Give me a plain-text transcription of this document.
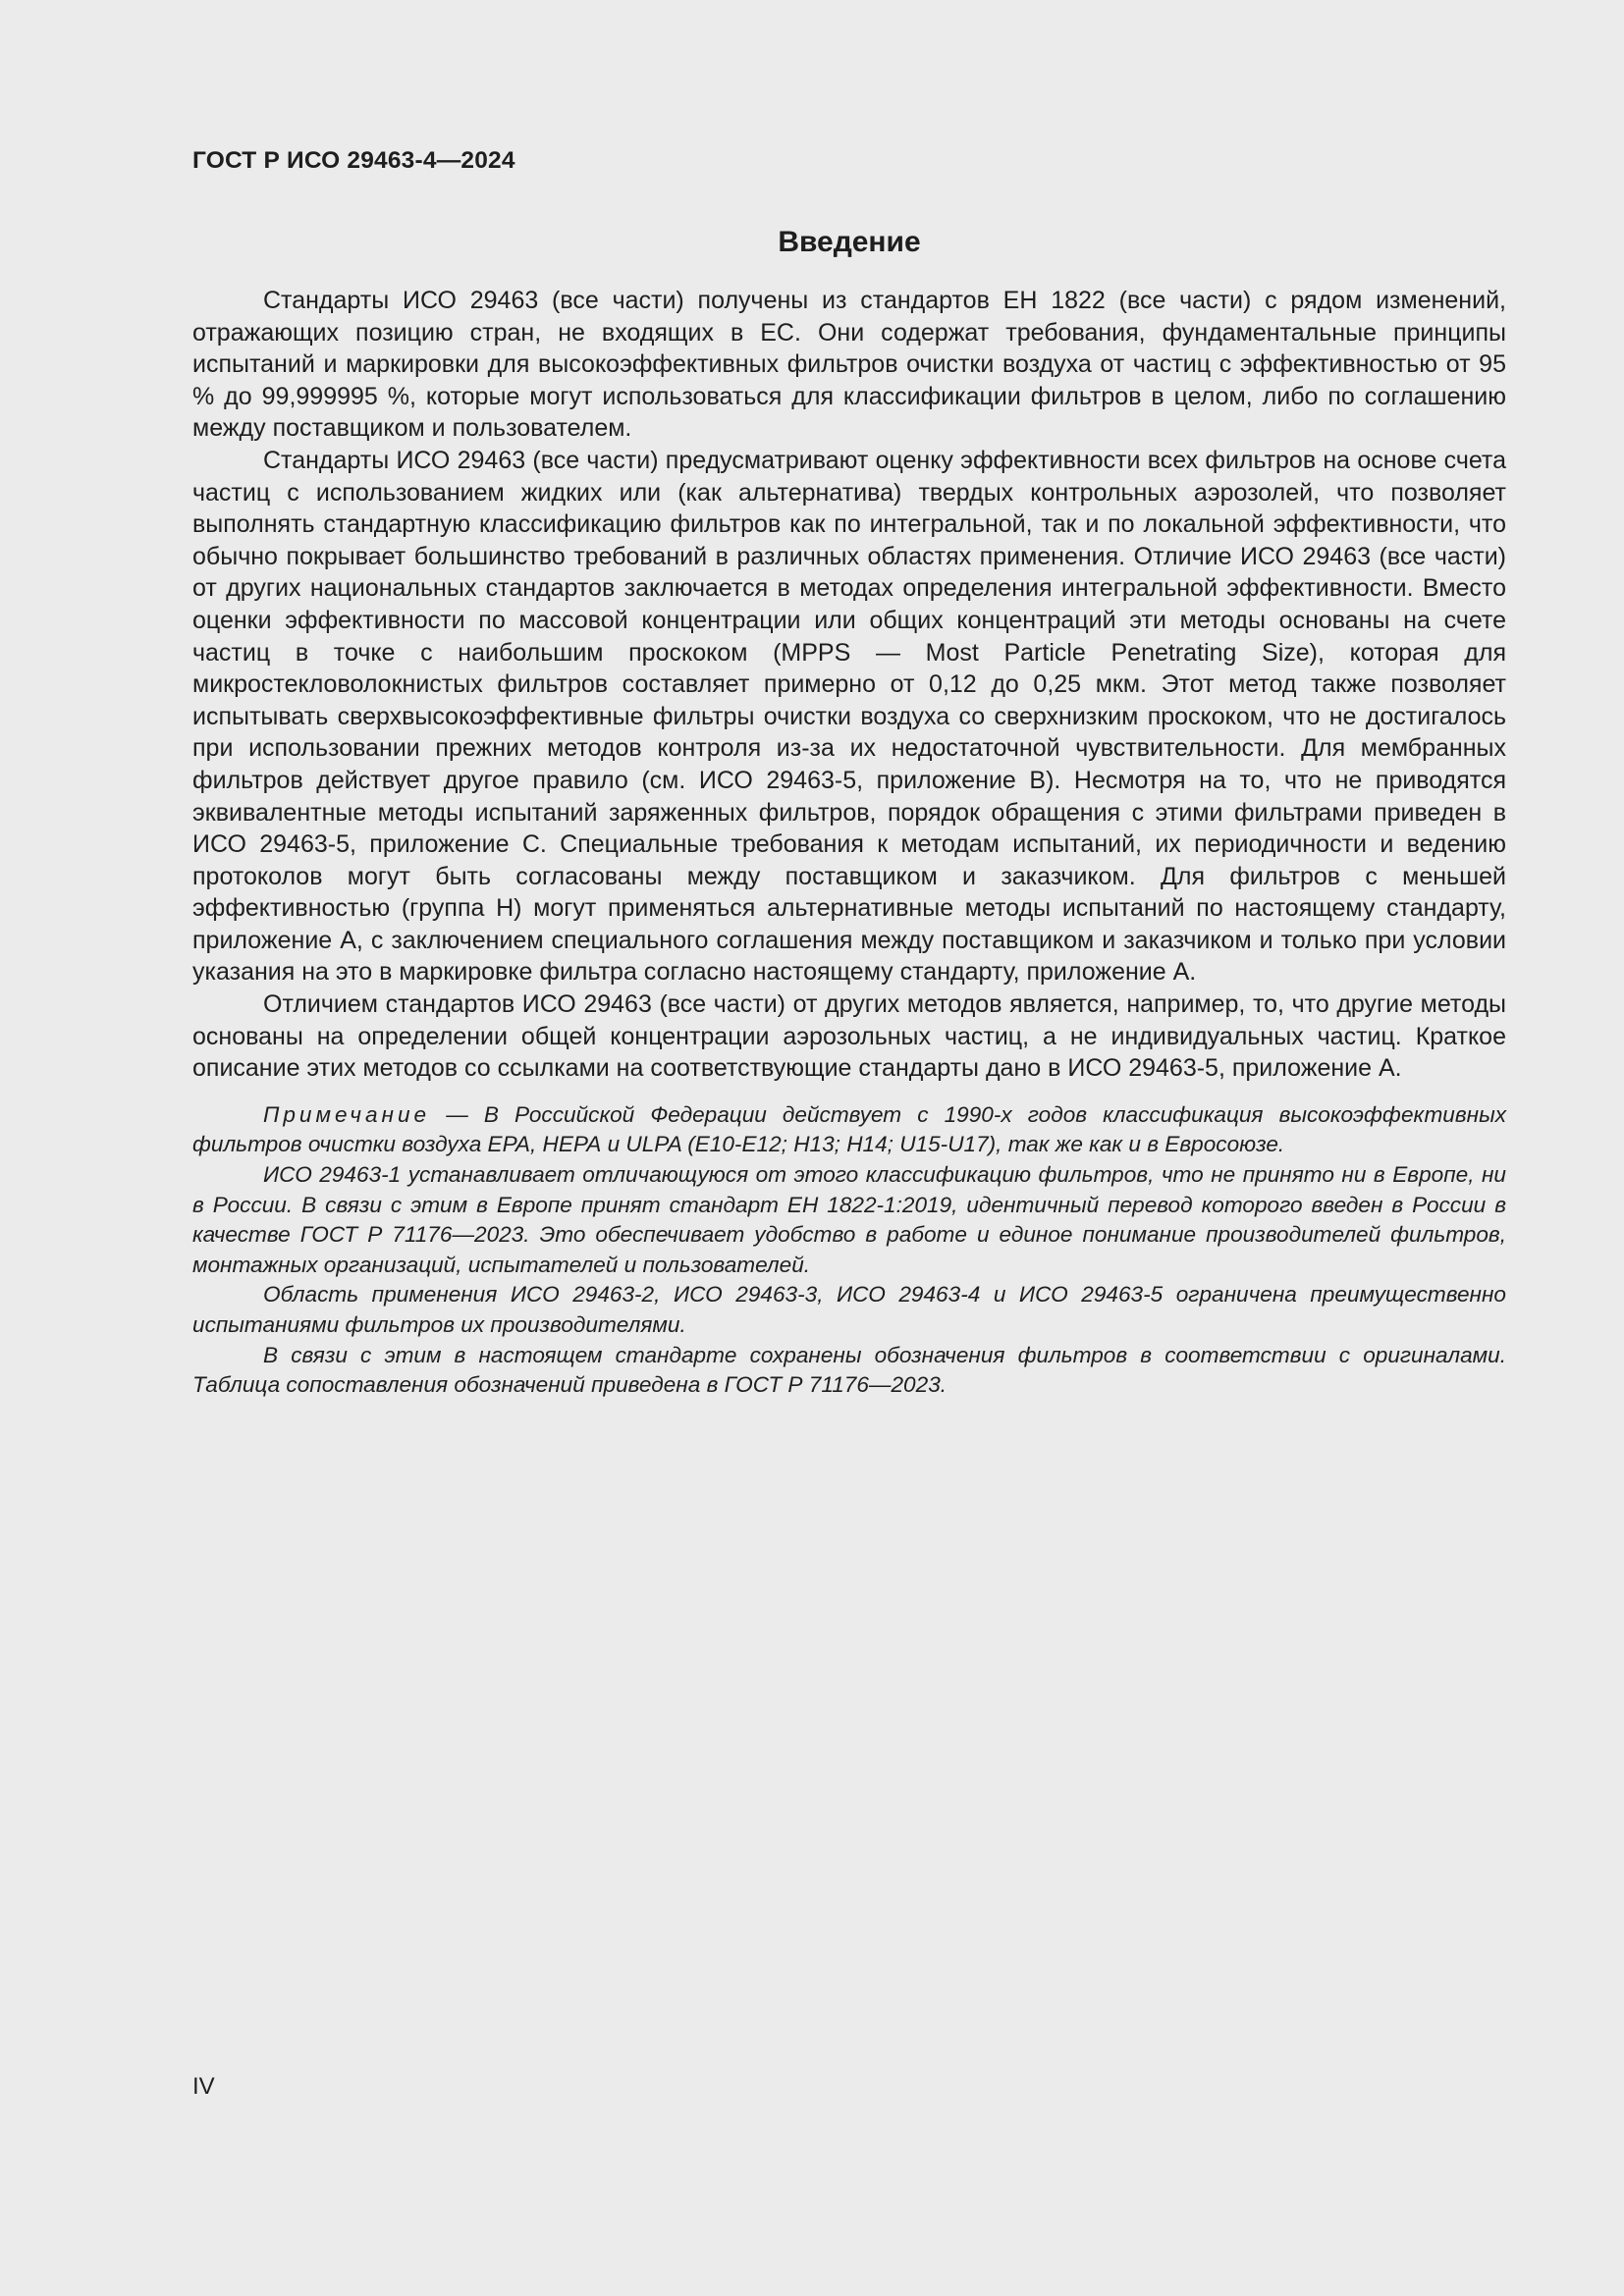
ГОСТ Р ИСО 29463-4—2024
Введение

Стандарты ИСО 29463 (все части) получены из стандартов ЕН 1822 (все части) с рядом изменений, отражающих позицию стран, не входящих в ЕС. Они содержат требования, фундаментальные принципы испытаний и маркировки для высокоэффективных фильтров очистки воздуха от частиц с эффективностью от 95 % до 99,999995 %, которые могут использоваться для классификации фильтров в целом, либо по соглашению между поставщиком и пользователем.

Стандарты ИСО 29463 (все части) предусматривают оценку эффективности всех фильтров на основе счета частиц с использованием жидких или (как альтернатива) твердых контрольных аэрозолей, что позволяет выполнять стандартную классификацию фильтров как по интегральной, так и по локальной эффективности, что обычно покрывает большинство требований в различных областях применения. Отличие ИСО 29463 (все части) от других национальных стандартов заключается в методах определения интегральной эффективности. Вместо оценки эффективности по массовой концентрации или общих концентраций эти методы основаны на счете частиц в точке с наибольшим проскоком (MPPS — Most Particle Penetrating Size), которая для микростекловолокнистых фильтров составляет примерно от 0,12 до 0,25 мкм. Этот метод также позволяет испытывать сверхвысокоэффективные фильтры очистки воздуха со сверхнизким проскоком, что не достигалось при использовании прежних методов контроля из-за их недостаточной чувствительности. Для мембранных фильтров действует другое правило (см. ИСО 29463-5, приложение В). Несмотря на то, что не приводятся эквивалентные методы испытаний заряженных фильтров, порядок обращения с этими фильтрами приведен в ИСО 29463-5, приложение С. Специальные требования к методам испытаний, их периодичности и ведению протоколов могут быть согласованы между поставщиком и заказчиком. Для фильтров с меньшей эффективностью (группа Н) могут применяться альтернативные методы испытаний по настоящему стандарту, приложение А, с заключением специального соглашения между поставщиком и заказчиком и только при условии указания на это в маркировке фильтра согласно настоящему стандарту, приложение А.

Отличием стандартов ИСО 29463 (все части) от других методов является, например, то, что другие методы основаны на определении общей концентрации аэрозольных частиц, а не индивидуальных частиц. Краткое описание этих методов со ссылками на соответствующие стандарты дано в ИСО 29463-5, приложение А.

Примечание — В Российской Федерации действует с 1990-х годов классификация высокоэффективных фильтров очистки воздуха ЕРА, НЕРА и ULPA (Е10-Е12; Н13; Н14; U15-U17), так же как и в Евросоюзе.

ИСО 29463-1 устанавливает отличающуюся от этого классификацию фильтров, что не принято ни в Европе, ни в России. В связи с этим в Европе принят стандарт ЕН 1822-1:2019, идентичный перевод которого введен в России в качестве ГОСТ Р 71176—2023. Это обеспечивает удобство в работе и единое понимание производителей фильтров, монтажных организаций, испытателей и пользователей.

Область применения ИСО 29463-2, ИСО 29463-3, ИСО 29463-4 и ИСО 29463-5 ограничена преимущественно испытаниями фильтров их производителями.

В связи с этим в настоящем стандарте сохранены обозначения фильтров в соответствии с оригиналами. Таблица сопоставления обозначений приведена в ГОСТ Р 71176—2023.

IV
